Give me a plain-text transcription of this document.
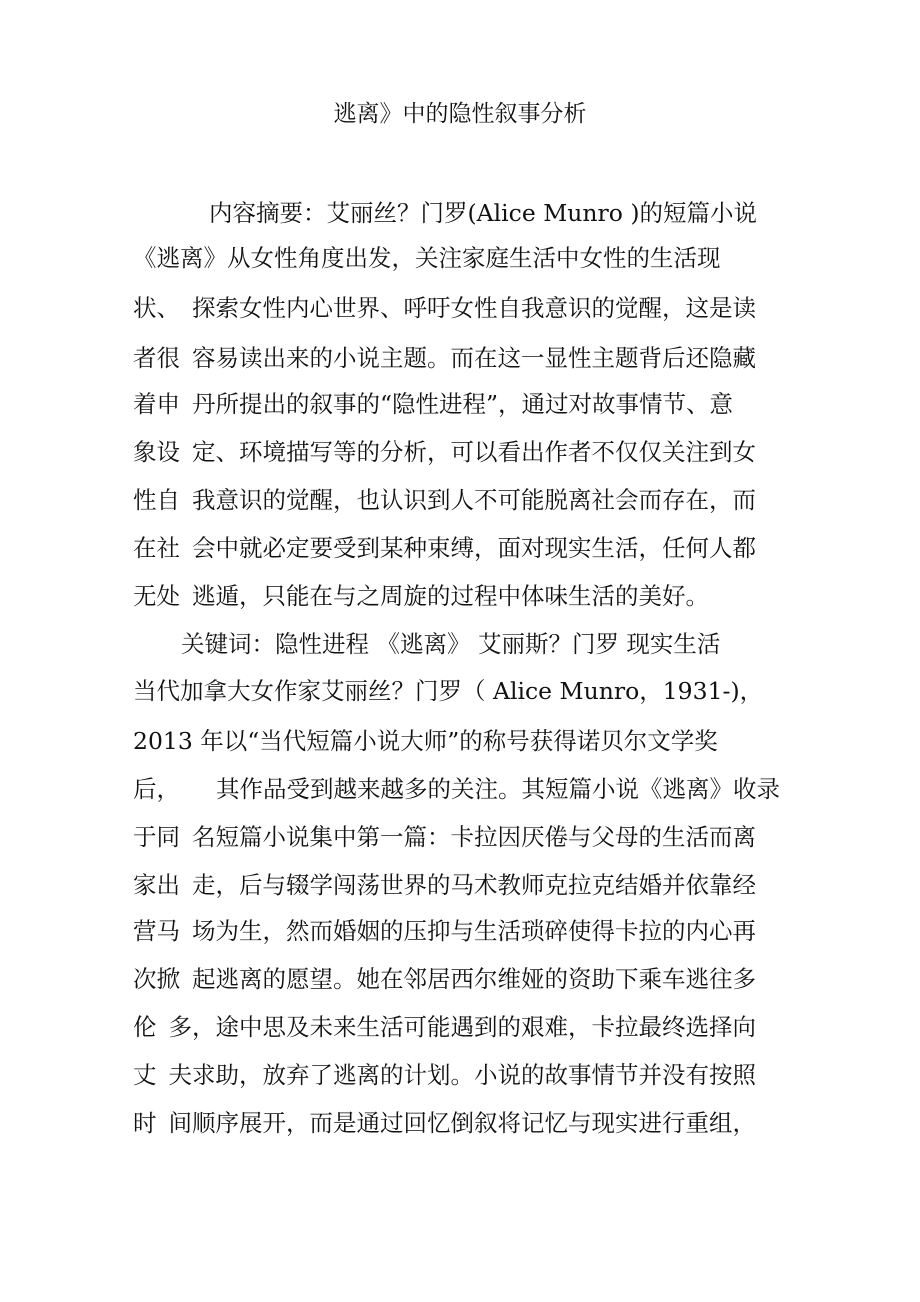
逃离》中的隐性叙事分析
内容摘要：艾丽丝？门罗(Alice Munro )的短篇小说
《逃离》从女性角度出发，关注家庭生活中女性的生活现
状、 探索女性内心世界、呼吁女性自我意识的觉醒，这是读
者很 容易读出来的小说主题。而在这一显性主题背后还隐藏
着申 丹所提出的叙事的“隐性进程”，通过对故事情节、意
象设 定、环境描写等的分析，可以看出作者不仅仅关注到女
性自 我意识的觉醒，也认识到人不可能脱离社会而存在，而
在社 会中就必定要受到某种束缚，面对现实生活，任何人都
无处 逃遁，只能在与之周旋的过程中体味生活的美好。
关键词：隐性进程 《逃离》 艾丽斯？门罗 现实生活
当代加拿大女作家艾丽丝？门罗（ Alice Munro，1931-)，
2013 年以“当代短篇小说大师”的称号获得诺贝尔文学奖
后， 其作品受到越来越多的关注。其短篇小说《逃离》收录
于同 名短篇小说集中第一篇：卡拉因厌倦与父母的生活而离
家出 走，后与辍学闯荡世界的马术教师克拉克结婚并依靠经
营马 场为生，然而婚姻的压抑与生活琐碎使得卡拉的内心再
次掀 起逃离的愿望。她在邻居西尔维娅的资助下乘车逃往多
伦 多，途中思及未来生活可能遇到的艰难，卡拉最终选择向
丈 夫求助，放弃了逃离的计划。小说的故事情节并没有按照
时 间顺序展开，而是通过回忆倒叙将记忆与现实进行重组，
